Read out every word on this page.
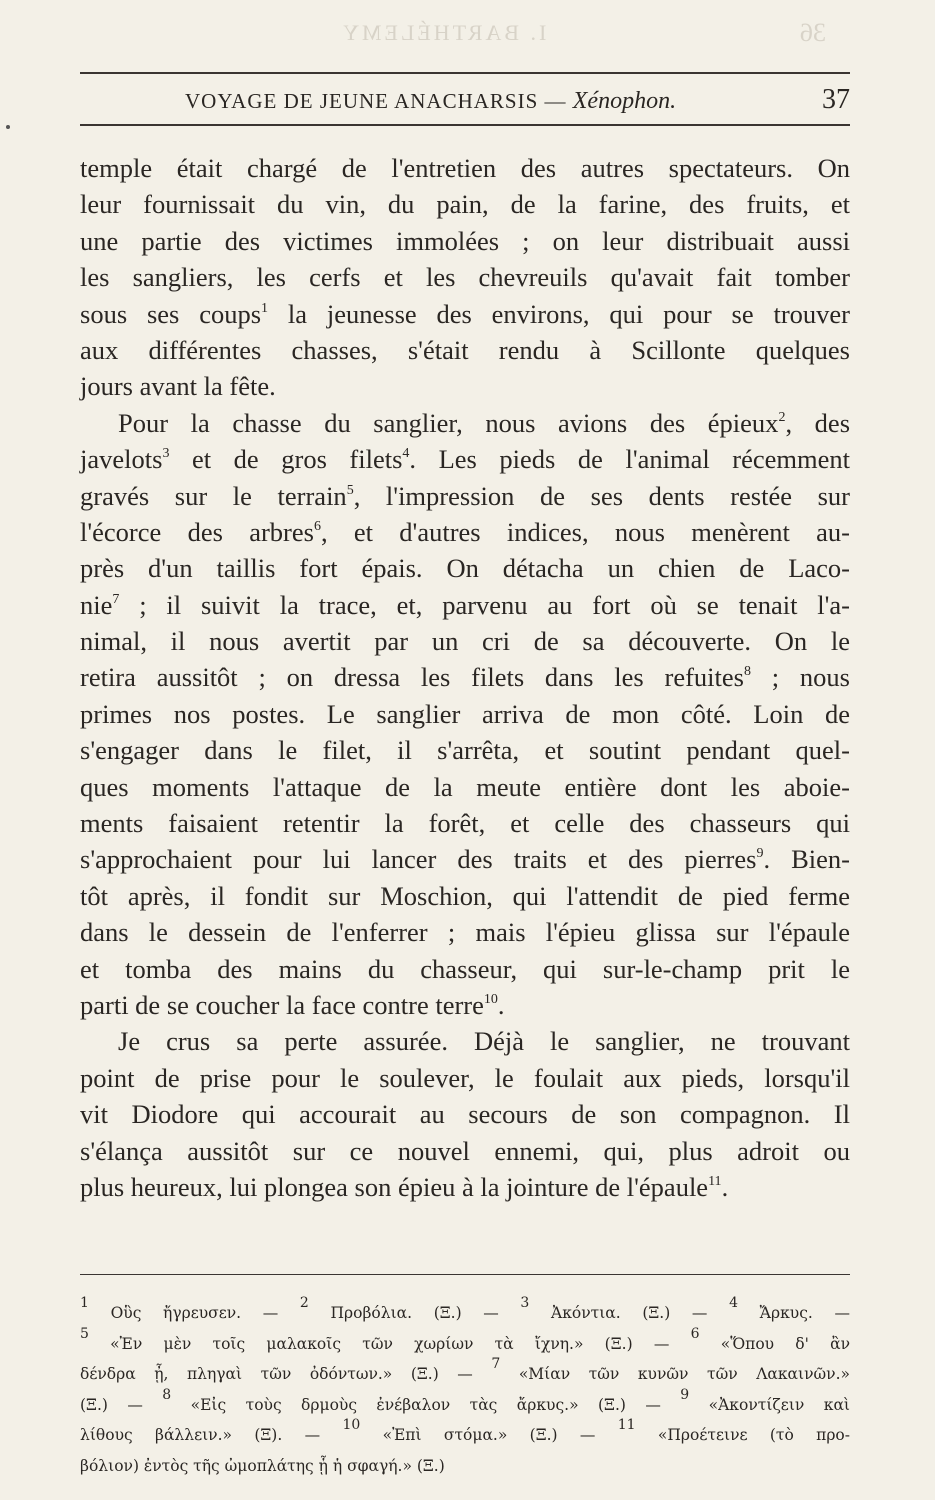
I. BARTHÉLEMY	36
VOYAGE DE JEUNE ANACHARSIS — Xénophon.	37
temple était chargé de l'entretien des autres spectateurs. On
leur fournissait du vin, du pain, de la farine, des fruits, et
une partie des victimes immolées ; on leur distribuait aussi
les sangliers, les cerfs et les chevreuils qu'avait fait tomber
sous ses coups$^1$ la jeunesse des environs, qui pour se trouver
aux différentes chasses, s'était rendu à Scillonte quelques
jours avant la fête.
Pour la chasse du sanglier, nous avions des épieux$^2$, des
javelots$^3$ et de gros filets$^4$. Les pieds de l'animal récemment
gravés sur le terrain$^5$, l'impression de ses dents restée sur
l'écorce des arbres$^6$, et d'autres indices, nous menèrent au-
près d'un taillis fort épais. On détacha un chien de Laco-
nie$^7$ ; il suivit la trace, et, parvenu au fort où se tenait l'a-
nimal, il nous avertit par un cri de sa découverte. On le
retira aussitôt ; on dressa les filets dans les refuites$^8$ ; nous
primes nos postes. Le sanglier arriva de mon côté. Loin de
s'engager dans le filet, il s'arrêta, et soutint pendant quel-
ques moments l'attaque de la meute entière dont les aboie-
ments faisaient retentir la forêt, et celle des chasseurs qui
s'approchaient pour lui lancer des traits et des pierres$^9$. Bien-
tôt après, il fondit sur Moschion, qui l'attendit de pied ferme
dans le dessein de l'enferrer ; mais l'épieu glissa sur l'épaule
et tomba des mains du chasseur, qui sur-le-champ prit le
parti de se coucher la face contre terre$^{10}$.
Je crus sa perte assurée. Déjà le sanglier, ne trouvant
point de prise pour le soulever, le foulait aux pieds, lorsqu'il
vit Diodore qui accourait au secours de son compagnon. Il
s'élança aussitôt sur ce nouvel ennemi, qui, plus adroit ou
plus heureux, lui plongea son épieu à la jointure de l'épaule$^{11}$.
$^1$ Οὓς ἤγρευσεν. — $^2$ Προβόλια. (Ξ.) — $^3$ Ἀκόντια. (Ξ.) — $^4$ Ἄρκυς. —
$^5$ «Ἐν μὲν τοῖς μαλακοῖς τῶν χωρίων τὰ ἴχνη.» (Ξ.) — $^6$ «Ὅπου δ' ἂν
δένδρα ᾖ, πληγαὶ τῶν ὀδόντων.» (Ξ.) — $^7$ «Μίαν τῶν κυνῶν τῶν Λακαινῶν.»
(Ξ.) — $^8$ «Εἰς τοὺς δρμοὺς ἐνέβαλον τὰς ἄρκυς.» (Ξ.) — $^9$ «Ἀκοντίζειν καὶ
λίθους βάλλειν.» (Ξ). — $^{10}$ «Ἐπὶ στόμα.» (Ξ.) — $^{11}$ «Προέτεινε (τὸ προ-
βόλιον) ἐντὸς τῆς ὠμοπλάτης ᾗ ἡ σφαγή.» (Ξ.)
